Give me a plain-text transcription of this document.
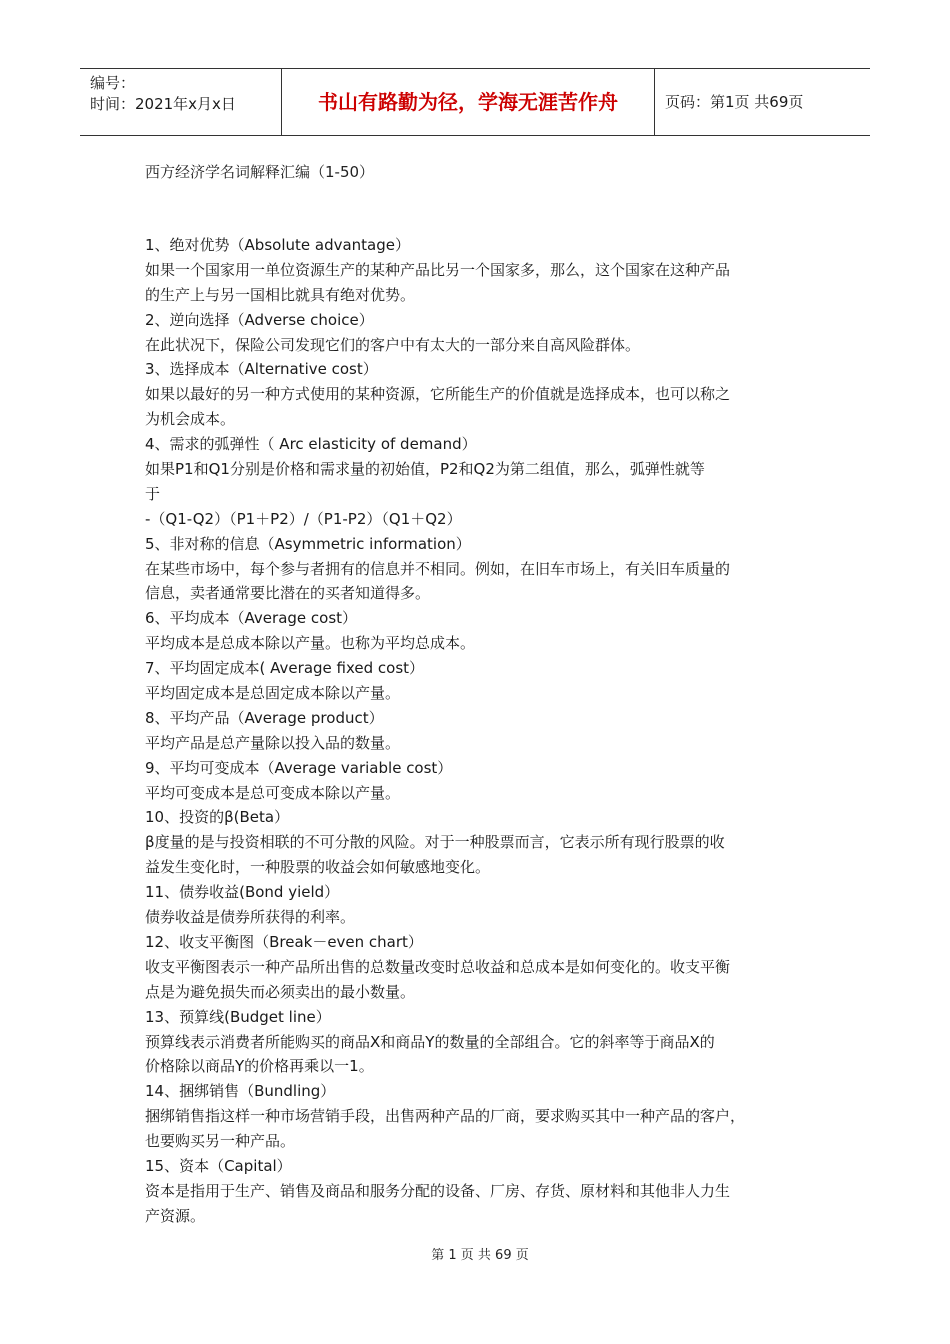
编号：
时间：2021年x月x日	书山有路勤为径，学海无涯苦作舟	页码：第1页 共69页
西方经济学名词解释汇编（1-50）
1、绝对优势（Absolute advantage）
如果一个国家用一单位资源生产的某种产品比另一个国家多，那么，这个国家在这种产品
的生产上与另一国相比就具有绝对优势。
2、逆向选择（Adverse choice）
在此状况下，保险公司发现它们的客户中有太大的一部分来自高风险群体。
3、选择成本（Alternative cost）
如果以最好的另一种方式使用的某种资源，它所能生产的价值就是选择成本，也可以称之
为机会成本。
4、需求的弧弹性（ Arc elasticity of demand）
如果P1和Q1分别是价格和需求量的初始值，P2和Q2为第二组值，那么，弧弹性就等
于
-（Q1-Q2）（P1＋P2）/（P1-P2）（Q1＋Q2）
5、非对称的信息（Asymmetric information）
在某些市场中，每个参与者拥有的信息并不相同。例如，在旧车市场上，有关旧车质量的
信息，卖者通常要比潜在的买者知道得多。
6、平均成本（Average cost）
平均成本是总成本除以产量。也称为平均总成本。
7、平均固定成本( Average fixed cost）
平均固定成本是总固定成本除以产量。
8、平均产品（Average product）
平均产品是总产量除以投入品的数量。
9、平均可变成本（Average variable cost）
平均可变成本是总可变成本除以产量。
10、投资的β(Beta）
β度量的是与投资相联的不可分散的风险。对于一种股票而言，它表示所有现行股票的收
益发生变化时，一种股票的收益会如何敏感地变化。
11、债券收益(Bond yield）
债券收益是债券所获得的利率。
12、收支平衡图（Break－even chart）
收支平衡图表示一种产品所出售的总数量改变时总收益和总成本是如何变化的。收支平衡
点是为避免损失而必须卖出的最小数量。
13、预算线(Budget line）
预算线表示消费者所能购买的商品X和商品Y的数量的全部组合。它的斜率等于商品X的
价格除以商品Y的价格再乘以一1。
14、捆绑销售（Bundling）
捆绑销售指这样一种市场营销手段，出售两种产品的厂商，要求购买其中一种产品的客户，
也要购买另一种产品。
15、资本（Capital）
资本是指用于生产、销售及商品和服务分配的设备、厂房、存货、原材料和其他非人力生
产资源。
第 1 页 共 69 页
